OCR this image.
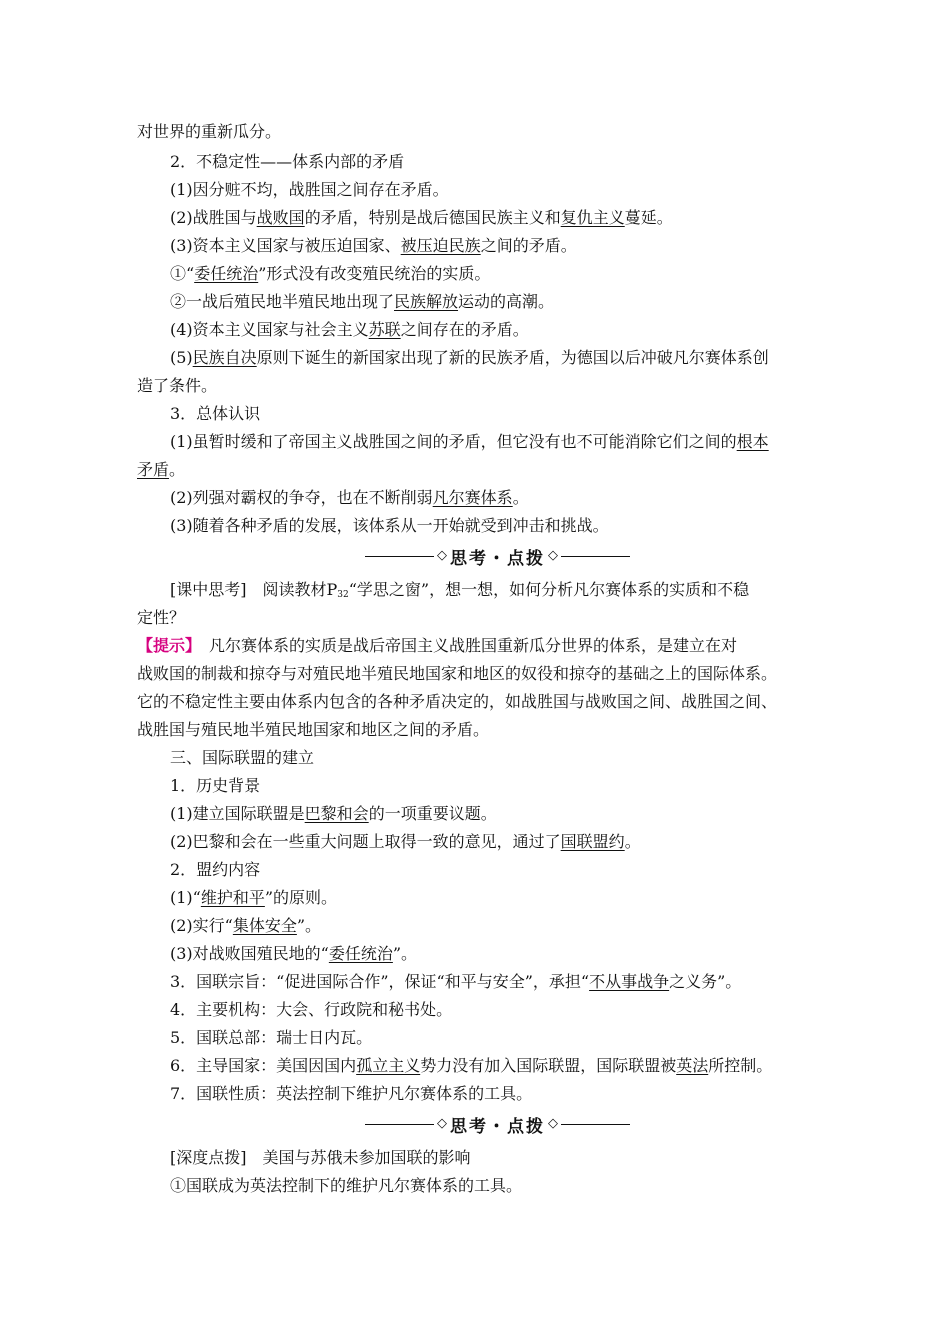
对世界的重新瓜分。
2．不稳定性——体系内部的矛盾
(1)因分赃不均，战胜国之间存在矛盾。
(2)战胜国与战败国的矛盾，特别是战后德国民族主义和复仇主义蔓延。
(3)资本主义国家与被压迫国家、被压迫民族之间的矛盾。
①“委任统治”形式没有改变殖民统治的实质。
②一战后殖民地半殖民地出现了民族解放运动的高潮。
(4)资本主义国家与社会主义苏联之间存在的矛盾。
(5)民族自决原则下诞生的新国家出现了新的民族矛盾，为德国以后冲破凡尔赛体系创
造了条件。
3．总体认识
(1)虽暂时缓和了帝国主义战胜国之间的矛盾，但它没有也不可能消除它们之间的根本
矛盾。
(2)列强对霸权的争夺，也在不断削弱凡尔赛体系。
(3)随着各种矛盾的发展，该体系从一开始就受到冲击和挑战。
◇ 思考・点拨 ◇
[课中思考]　阅读教材$P_{32}“$学思之窗”，想一想，如何分析凡尔赛体系的实质和不稳
定性？
【提示】　凡尔赛体系的实质是战后帝国主义战胜国重新瓜分世界的体系，是建立在对
战败国的制裁和掠夺与对殖民地半殖民地国家和地区的奴役和掠夺的基础之上的国际体系。
它的不稳定性主要由体系内包含的各种矛盾决定的，如战胜国与战败国之间、战胜国之间、
战胜国与殖民地半殖民地国家和地区之间的矛盾。
三、国际联盟的建立
1．历史背景
(1)建立国际联盟是巴黎和会的一项重要议题。
(2)巴黎和会在一些重大问题上取得一致的意见，通过了国联盟约。
2．盟约内容
(1)“维护和平”的原则。
(2)实行“集体安全”。
(3)对战败国殖民地的“委任统治”。
3．国联宗旨：“促进国际合作”，保证“和平与安全”，承担“不从事战争之义务”。
4．主要机构：大会、行政院和秘书处。
5．国联总部：瑞士日内瓦。
6．主导国家：美国因国内孤立主义势力没有加入国际联盟，国际联盟被英法所控制。
7．国联性质：英法控制下维护凡尔赛体系的工具。
◇ 思考・点拨 ◇
[深度点拨]　美国与苏俄未参加国联的影响
①国联成为英法控制下的维护凡尔赛体系的工具。
